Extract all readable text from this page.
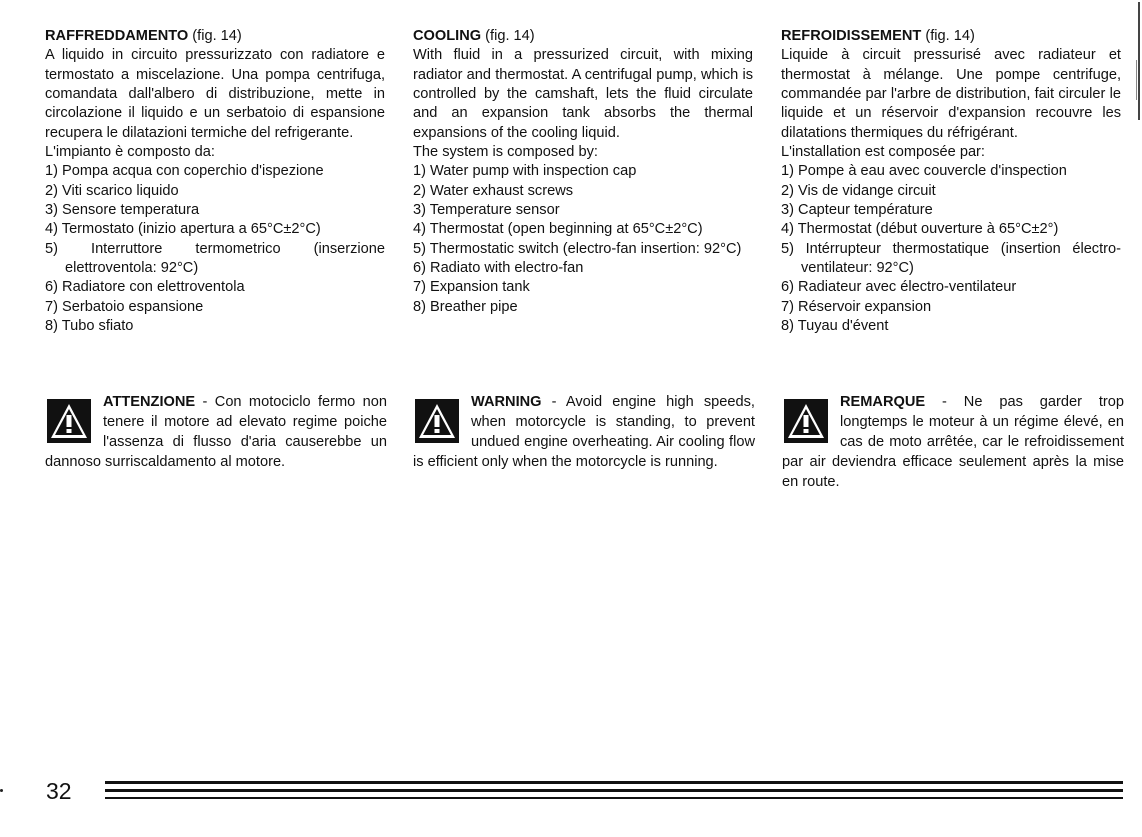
RAFFREDDAMENTO (fig. 14)

A liquido in circuito pressurizzato con radiatore e termostato a miscelazione. Una pompa centrifuga, comandata dall'albero di distribuzione, mette in circolazione il liquido e un serbatoio di espansione recupera le dilatazioni termiche del refrigerante.

L'impianto è composto da:

1) Pompa acqua con coperchio d'ispezione
2) Viti scarico liquido
3) Sensore temperatura
4) Termostato (inizio apertura a 65°C±2°C)
5) Interruttore termometrico (inserzione elettroventola: 92°C)
6) Radiatore con elettroventola
7) Serbatoio espansione
8) Tubo sfiato

COOLING (fig. 14)

With fluid in a pressurized circuit, with mixing radiator and thermostat. A centrifugal pump, which is controlled by the camshaft, lets the fluid circulate and an expansion tank absorbs the thermal expansions of the cooling liquid.

The system is composed by:

1) Water pump with inspection cap
2) Water exhaust screws
3) Temperature sensor
4) Thermostat (open beginning at 65°C±2°C)
5) Thermostatic switch (electro-fan insertion: 92°C)
6) Radiato with electro-fan
7) Expansion tank
8) Breather pipe

REFROIDISSEMENT (fig. 14)

Liquide à circuit pressurisé avec radiateur et thermostat à mélange. Une pompe centrifuge, commandée par l'arbre de distribution, fait circuler le liquide et un réservoir d'expansion recouvre les dilatations thermiques du réfrigérant.

L'installation est composée par:

1) Pompe à eau avec couvercle d'inspection
2) Vis de vidange circuit
3) Capteur température
4) Thermostat (début ouverture à 65°C±2°)
5) Intérrupteur thermostatique (insertion électro-ventilateur: 92°C)
6) Radiateur avec électro-ventilateur
7) Réservoir expansion
8) Tuyau d'évent
ATTENZIONE - Con motociclo fermo non tenere il motore ad elevato regime poiche l'assenza di flusso d'aria causerebbe un dannoso surriscaldamento al motore.
WARNING - Avoid engine high speeds, when motorcycle is standing, to prevent undued engine overheating. Air cooling flow is efficient only when the motorcycle is running.
REMARQUE - Ne pas garder trop longtemps le moteur à un régime élevé, en cas de moto arrêtée, car le refroidissement par air deviendra efficace seulement après la mise en route.
32
